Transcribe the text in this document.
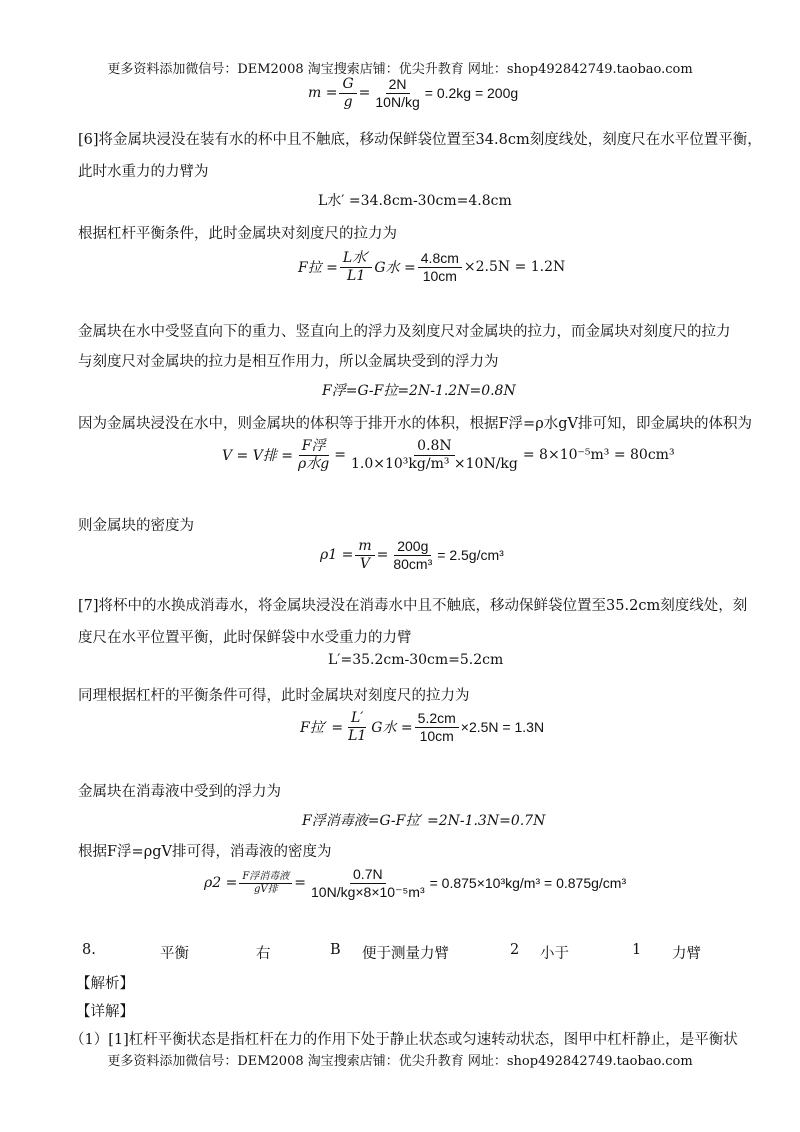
更多资料添加微信号：DEM2008 淘宝搜索店铺：优尖升教育 网址：shop492842749.taobao.com
$m = \frac{G}{g} = \frac{2N}{10N/kg} = 0.2kg = 200g$
[6]将金属块浸没在装有水的杯中且不触底，移动保鲜袋位置至34.8cm刻度线处，刻度尺在水平位置平衡，
此时水重力的力臂为
L水′ =34.8cm-30cm=4.8cm
根据杠杆平衡条件，此时金属块对刻度尺的拉力为
F拉 = $\frac{\text{L水′}}{L1}$ G水 = $\frac{4.8cm}{10cm} \times 2.5N = 1.2N$
金属块在水中受竖直向下的重力、竖直向上的浮力及刻度尺对金属块的拉力，而金属块对刻度尺的拉力
与刻度尺对金属块的拉力是相互作用力，所以金属块受到的浮力为
F浮=G-F拉=2N-1.2N=0.8N
因为金属块浸没在水中，则金属块的体积等于排开水的体积，根据F浮=ρ水gV排可知，即金属块的体积为
V = V排 = $\frac{\text{F浮}}{\text{ρ水g}} = \frac{0.8N}{\text{1.0×10³kg/m³ ×10N/kg}} = 8\times 10^{-5}m^3 = 80cm^3$
则金属块的密度为
$\rho 1 = \frac{m}{V} = \frac{200g}{\text{80cm³}} = 2.5g/cm^3$
[7]将杯中的水换成消毒水，将金属块浸没在消毒水中且不触底，移动保鲜袋位置至35.2cm刻度线处，刻
度尺在水平位置平衡，此时保鲜袋中水受重力的力臂
L′=35.2cm-30cm=5.2cm
同理根据杠杆的平衡条件可得，此时金属块对刻度尺的拉力为
F拉′ = $\frac{L'}{L1}$ G水 = $\frac{5.2cm}{10cm} \times 2.5N = 1.3N$
金属块在消毒液中受到的浮力为
F浮消毒液=G-F拉′ =2N-1.3N=0.7N
根据F浮=ρgV排可得，消毒液的密度为
$\rho 2 = \frac{\text{F浮消毒液}}{\text{gV排}} = \frac{0.7N}{\text{10N/kg×8×10⁻⁵m³}} = 0.875\times 10^3kg/m^3 = 0.875g/cm^3$
8.	平衡	右	B 便于测量力臂	2 小于	1 力臂
【解析】
【详解】
（1）[1]杠杆平衡状态是指杠杆在力的作用下处于静止状态或匀速转动状态，图甲中杠杆静止，是平衡状
更多资料添加微信号：DEM2008 淘宝搜索店铺：优尖升教育 网址：shop492842749.taobao.com
